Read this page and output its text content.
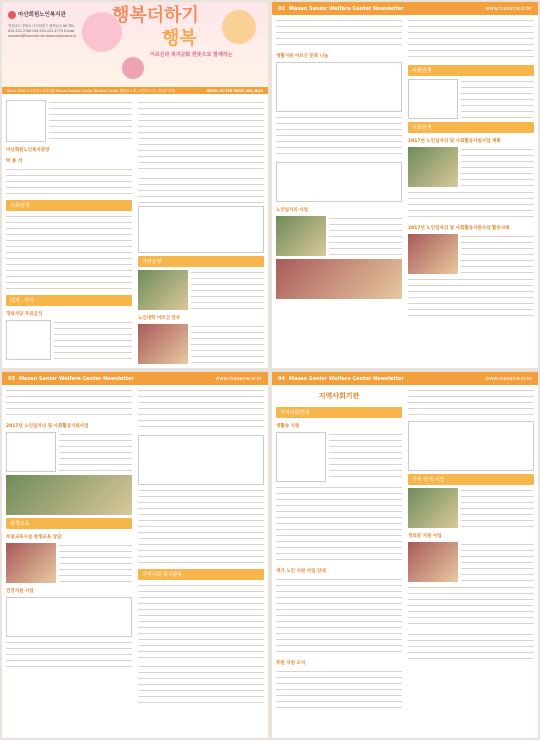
마산회원노인복지관
경상남도 창원시 마산회원구 월영동로 80 TEL 055-222-2700 FAX 055-222-2774 E-mail masanw@hanmail.net www.masanw.or.kr
행복더하기
행복
어르신과 복지문화 한뜻으로 함께하는
Since 1996 마산회원노인복지관 Masan Hoewon Senior Welfare Center 행복한 노후, 건강한 노년, 희망찬 미래	NEWS LETTER ISSUE #84 2018
마산회원노인복지관장
박 종 석
사회관계
레저 · 여가
경로식당 무료급식
기관운영
노인대학 어르신 안부
02 Masan Senior Welfare Center Newsletter	www.masanw.or.kr
생활지원 어르신 문화 나눔
노인일자리 사업
사회관계
사회관계
2017년 노인일자리 및 사회활동지원사업 계획
2017년 노인일자리 및 사회활동지원사업 활동사례
03 Masan Senior Welfare Center Newsletter	www.masanw.or.kr
2017년 노인일자리 및 사회활동지원사업
평생교육
부설교육시설 평생교육 상담
건강지원 사업
지역사회 복지활동
04 Masan Senior Welfare Center Newsletter	www.masanw.or.kr
지역사회기관
지역사회연계
생활속 지원
재가 노인 지원 사업 안내
후원 자원 소식
지역 연계 사업
경로당 지원 사업
